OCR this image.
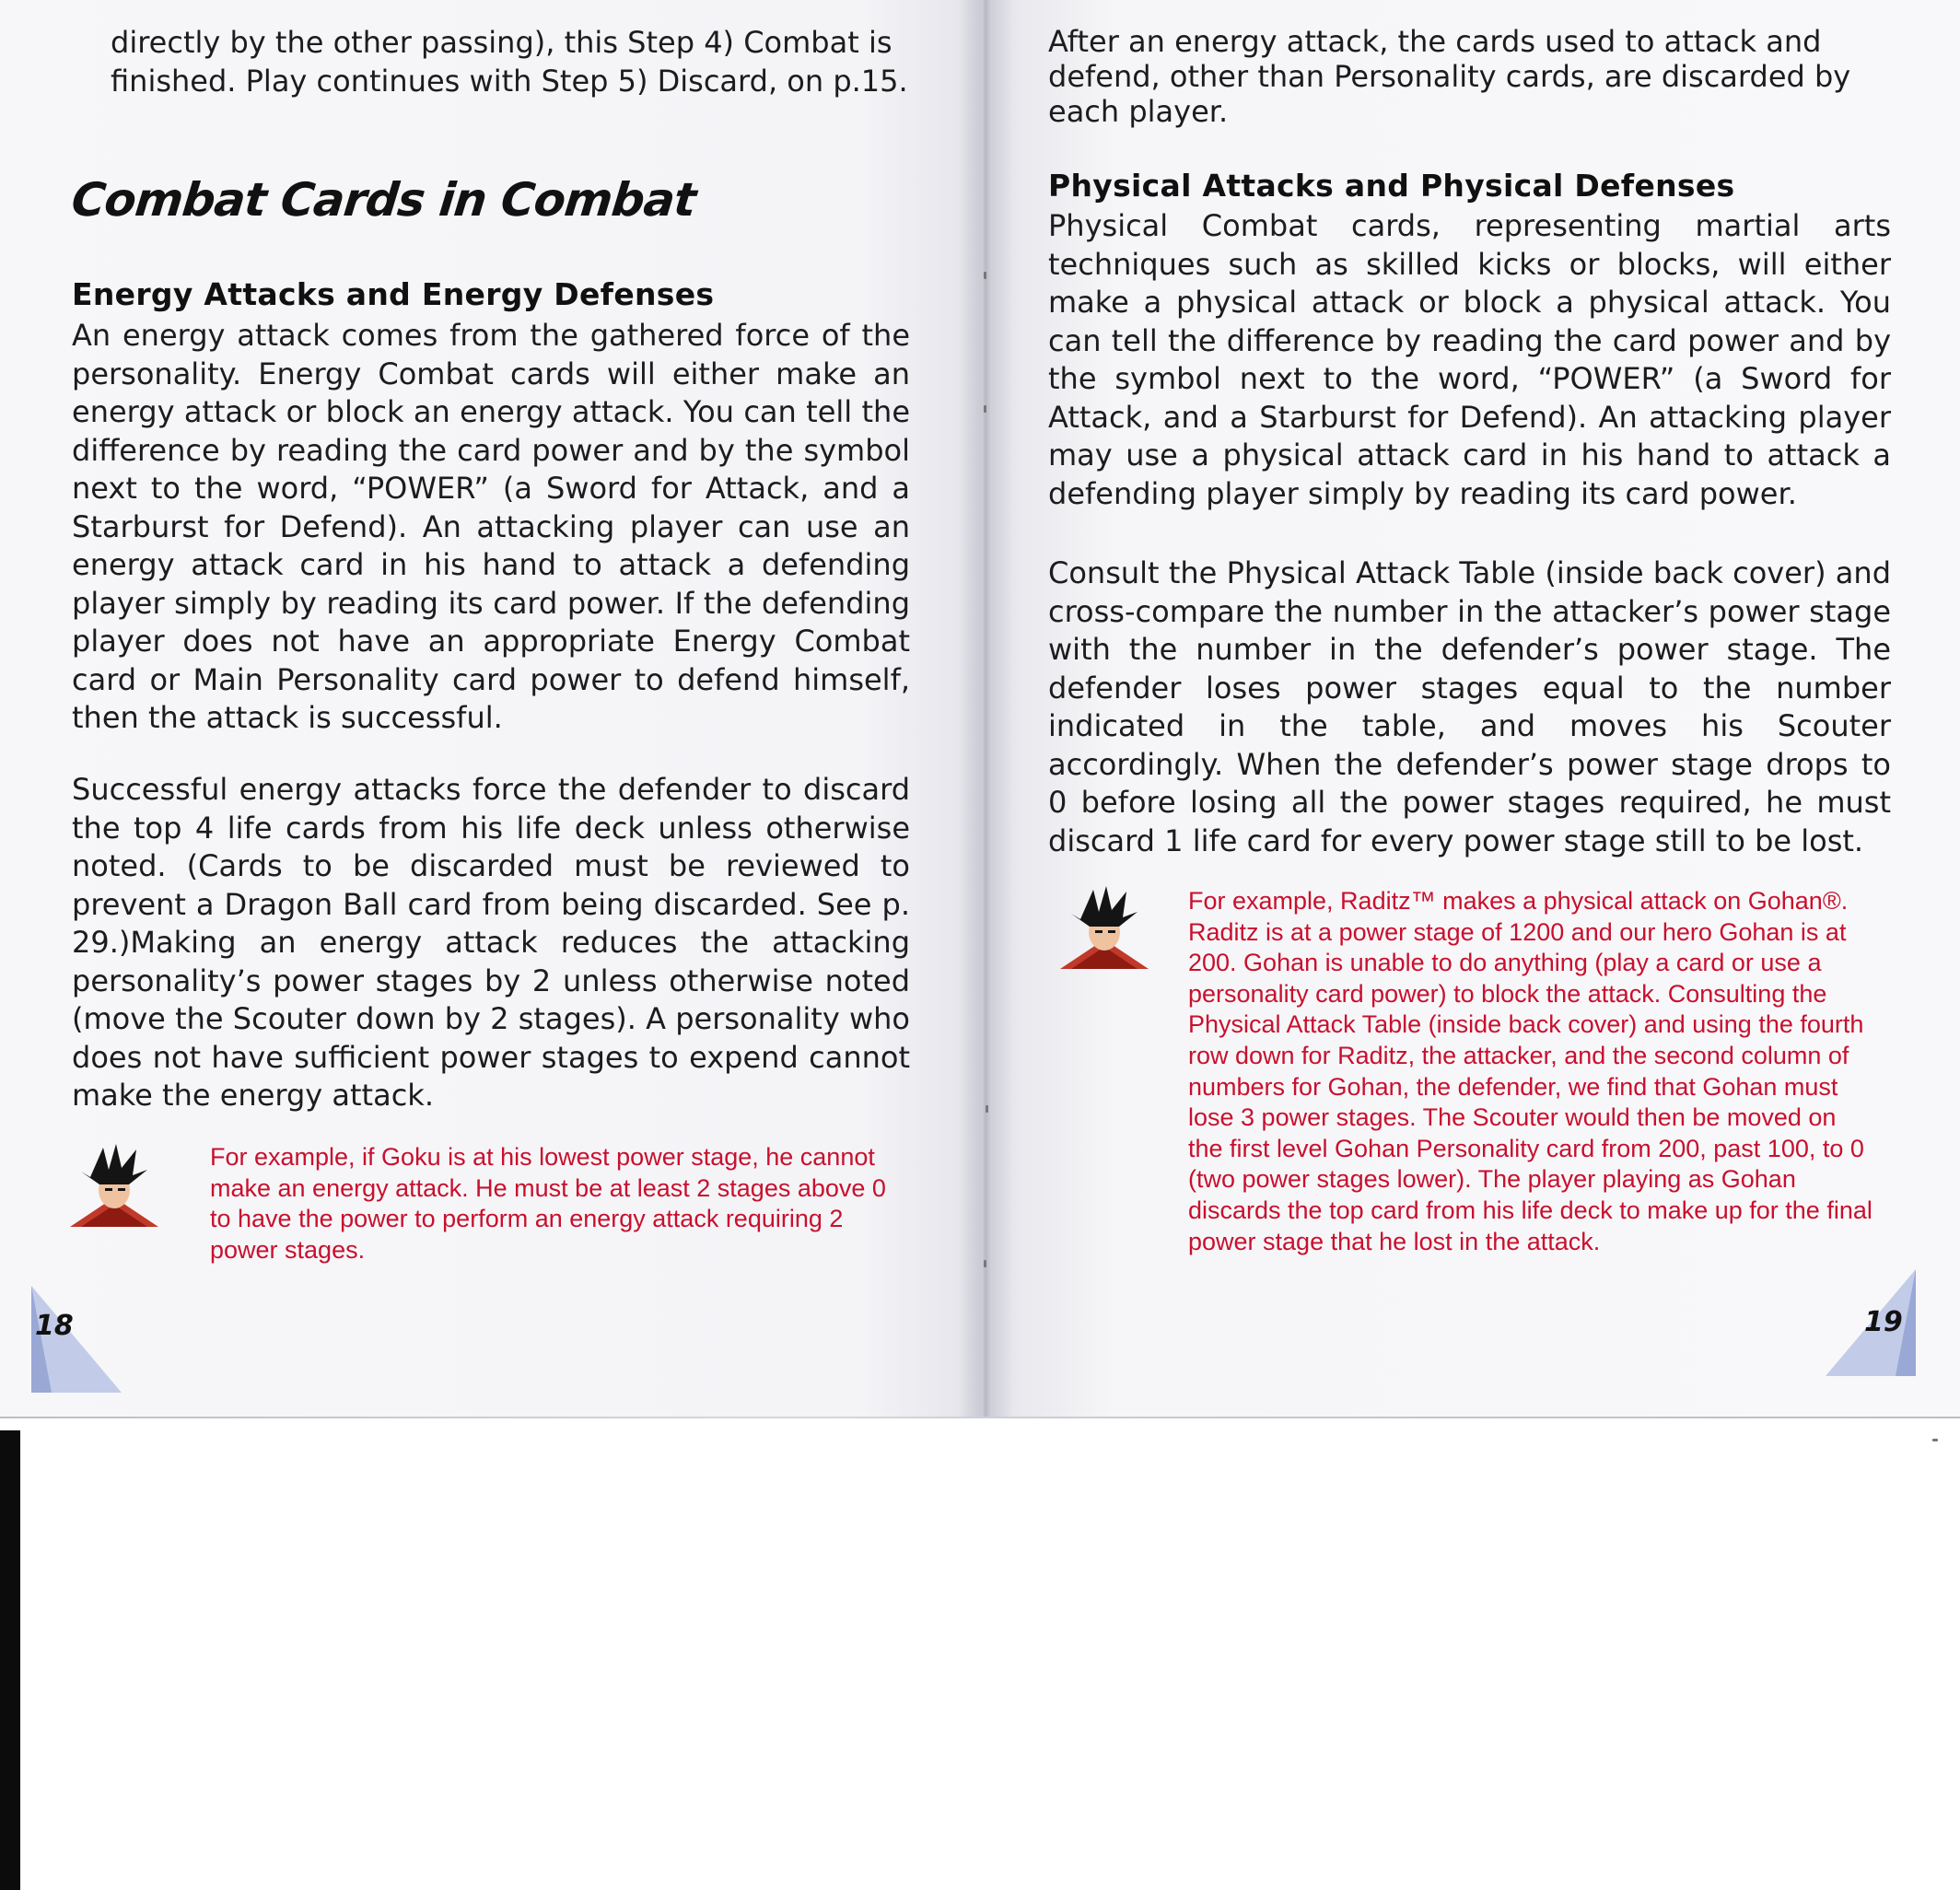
directly by the other passing), this Step 4) Combat is finished. Play continues with Step 5) Discard, on p.15.

Combat Cards in Combat
Energy Attacks and Energy Defenses

An energy attack comes from the gathered force of the personality. Energy Combat cards will either make an energy attack or block an energy attack. You can tell the difference by reading the card power and by the symbol next to the word, “POWER” (a Sword for Attack, and a Starburst for Defend). An attacking player can use an energy attack card in his hand to attack a defending player simply by reading its card power. If the defending player does not have an appropriate Energy Combat card or Main Personality card power to defend himself, then the attack is successful.

Successful energy attacks force the defender to discard the top 4 life cards from his life deck unless otherwise noted. (Cards to be discarded must be reviewed to prevent a Dragon Ball card from being discarded. See p. 29.)Making an energy attack reduces the attacking personality’s power stages by 2 unless otherwise noted (move the Scouter down by 2 stages). A personality who does not have sufficient power stages to expend cannot make the energy attack.

For example, if Goku is at his lowest power stage, he cannot make an energy attack. He must be at least 2 stages above 0 to have the power to perform an energy attack requiring 2 power stages.

18

After an energy attack, the cards used to attack and defend, other than Personality cards, are discarded by each player.

Physical Attacks and Physical Defenses

Physical Combat cards, representing martial arts techniques such as skilled kicks or blocks, will either make a physical attack or block a physical attack. You can tell the difference by reading the card power and by the symbol next to the word, “POWER” (a Sword for Attack, and a Starburst for Defend). An attacking player may use a physical attack card in his hand to attack a defending player simply by reading its card power.

Consult the Physical Attack Table (inside back cover) and cross-compare the number in the attacker’s power stage with the number in the defender’s power stage. The defender loses power stages equal to the number indicated in the table, and moves his Scouter accordingly. When the defender’s power stage drops to 0 before losing all the power stages required, he must discard 1 life card for every power stage still to be lost.

For example, Raditz™ makes a physical attack on Gohan®. Raditz is at a power stage of 1200 and our hero Gohan is at 200. Gohan is unable to do anything (play a card or use a personality card power) to block the attack. Consulting the Physical Attack Table (inside back cover) and using the fourth row down for Raditz, the attacker, and the second column of numbers for Gohan, the defender, we find that Gohan must lose 3 power stages. The Scouter would then be moved on the first level Gohan Personality card from 200, past 100, to 0 (two power stages lower). The player playing as Gohan discards the top card from his life deck to make up for the final power stage that he lost in the attack.

19
